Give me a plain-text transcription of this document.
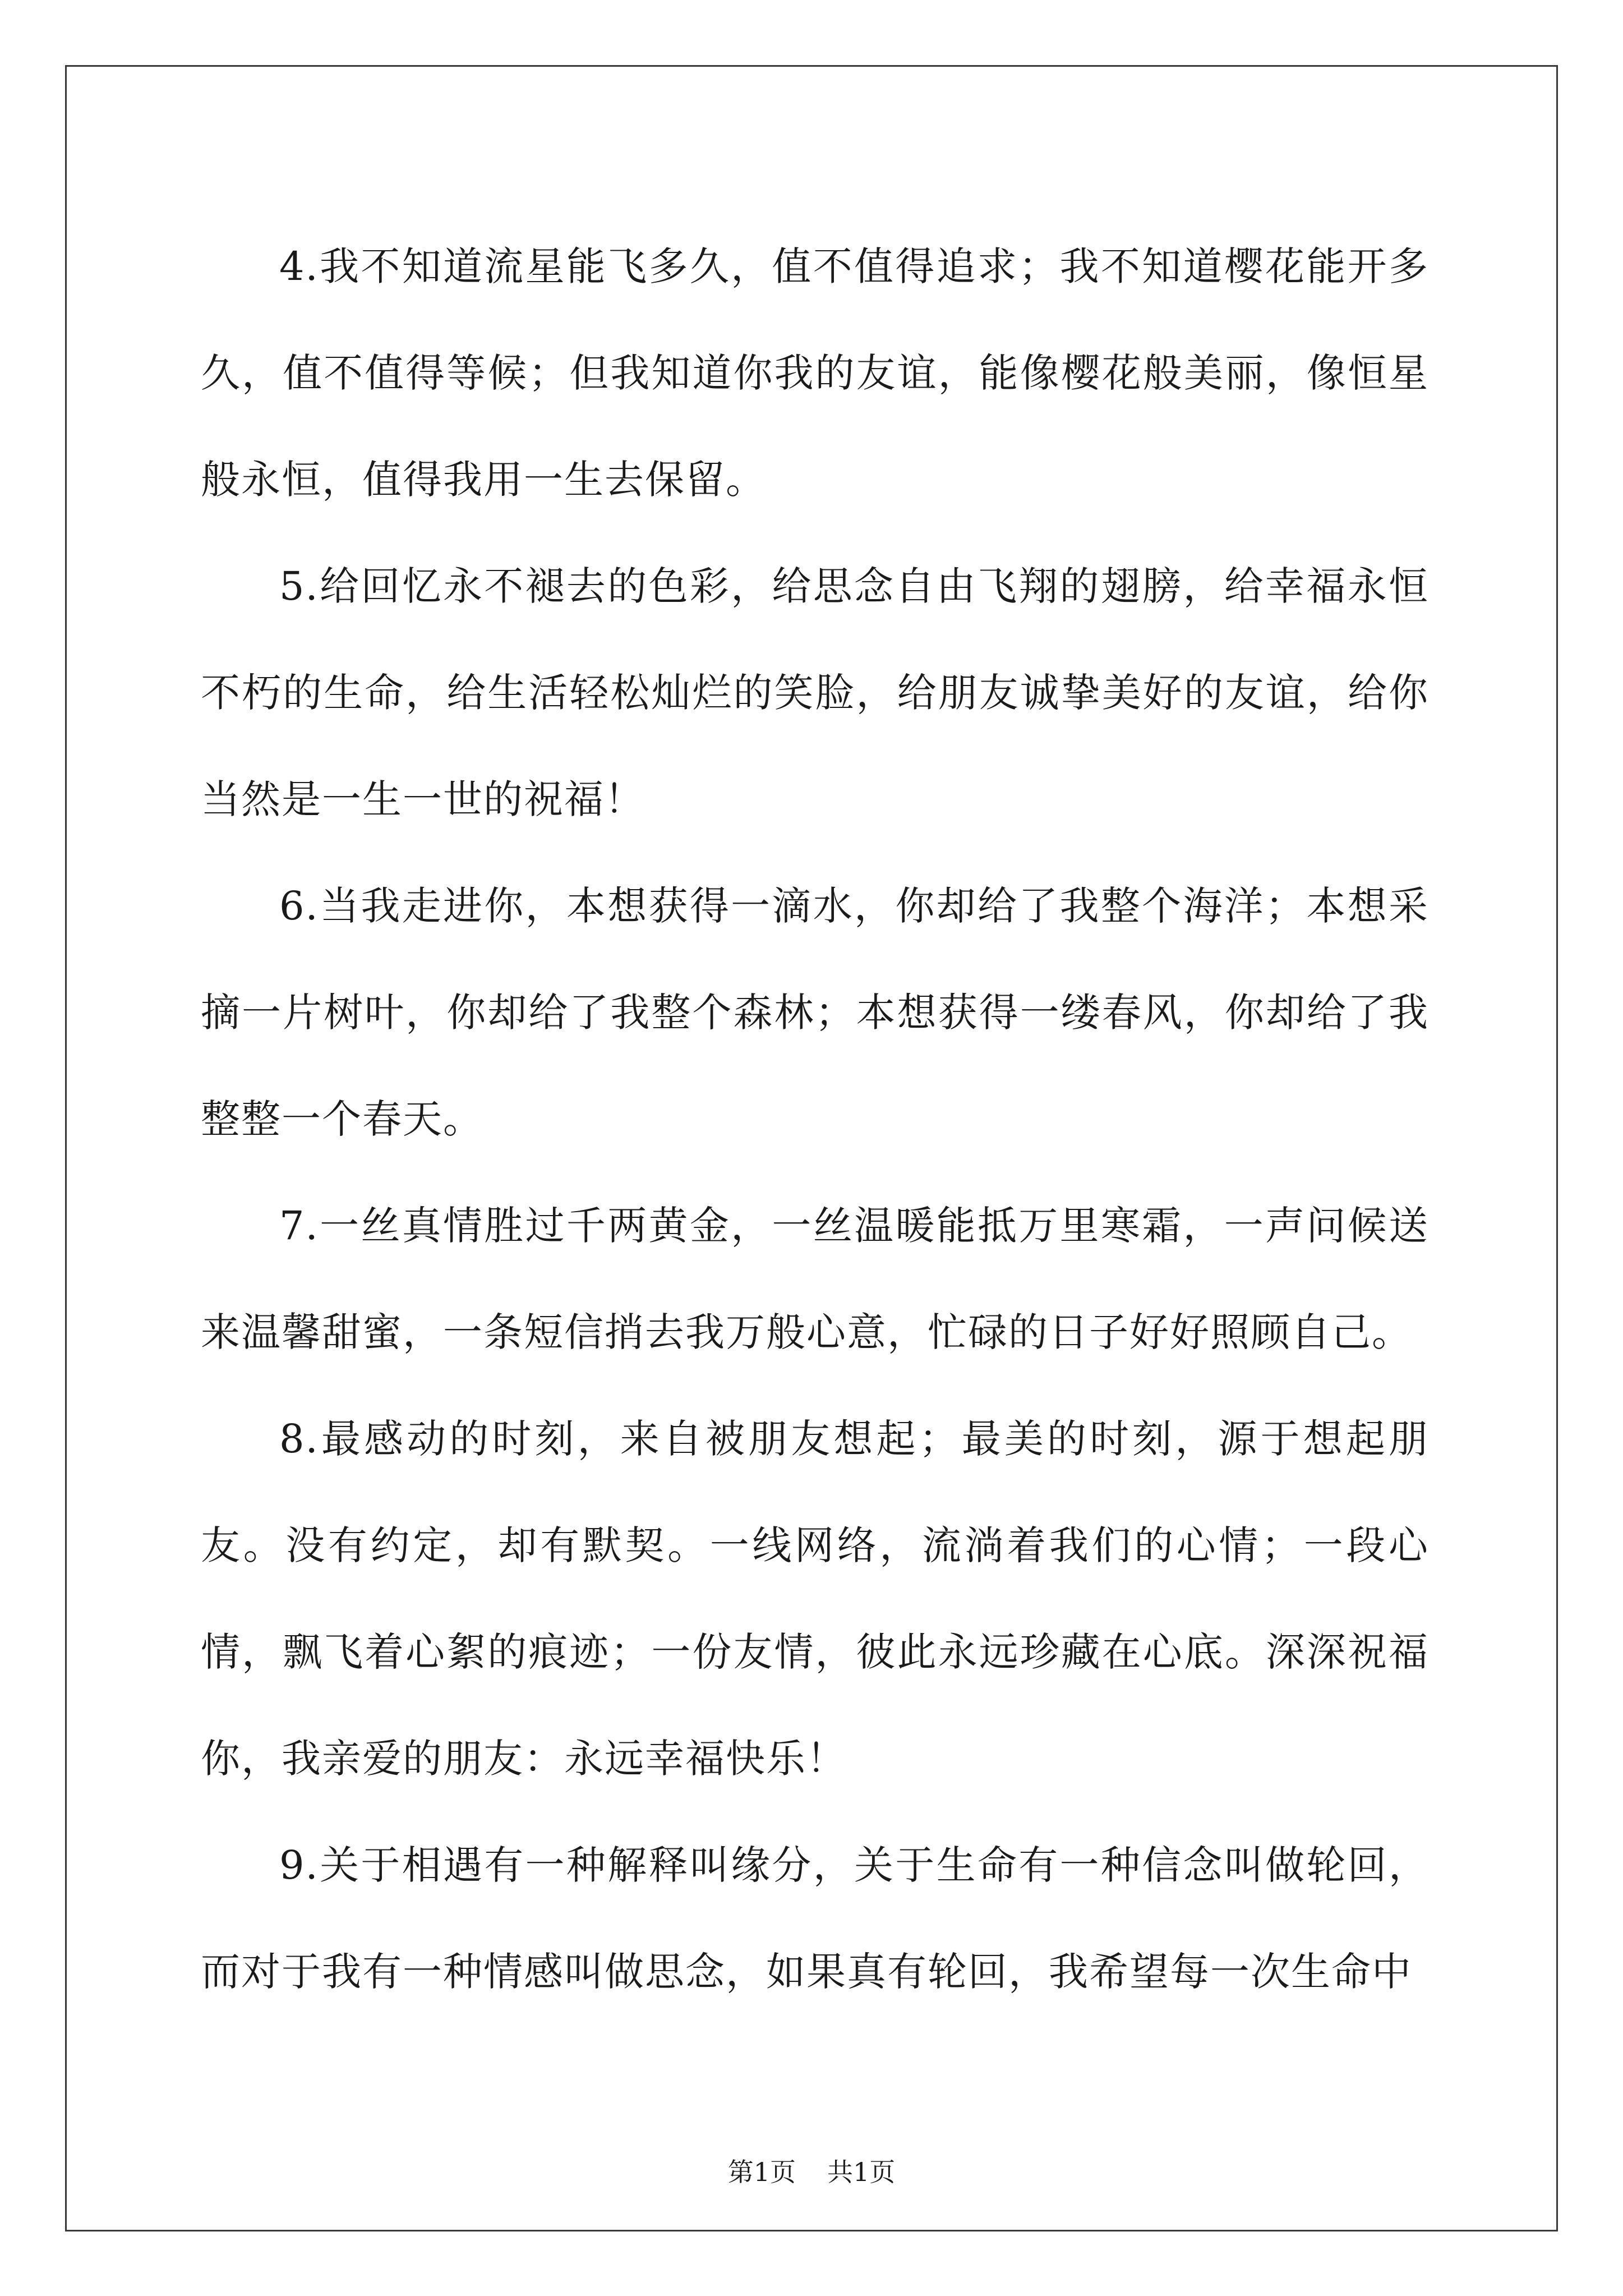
4.我不知道流星能飞多久，值不值得追求；我不知道樱花能开多久，值不值得等候；但我知道你我的友谊，能像樱花般美丽，像恒星般永恒，值得我用一生去保留。

5.给回忆永不褪去的色彩，给思念自由飞翔的翅膀，给幸福永恒不朽的生命，给生活轻松灿烂的笑脸，给朋友诚挚美好的友谊，给你当然是一生一世的祝福！

6.当我走进你，本想获得一滴水，你却给了我整个海洋；本想采摘一片树叶，你却给了我整个森林；本想获得一缕春风，你却给了我整整一个春天。

7.一丝真情胜过千两黄金，一丝温暖能抵万里寒霜，一声问候送来温馨甜蜜，一条短信捎去我万般心意，忙碌的日子好好照顾自己。

8.最感动的时刻，来自被朋友想起；最美的时刻，源于想起朋友。没有约定，却有默契。一线网络，流淌着我们的心情；一段心情，飘飞着心絮的痕迹；一份友情，彼此永远珍藏在心底。深深祝福你，我亲爱的朋友：永远幸福快乐！

9.关于相遇有一种解释叫缘分，关于生命有一种信念叫做轮回，而对于我有一种情感叫做思念，如果真有轮回，我希望每一次生命中

第1页 共1页
